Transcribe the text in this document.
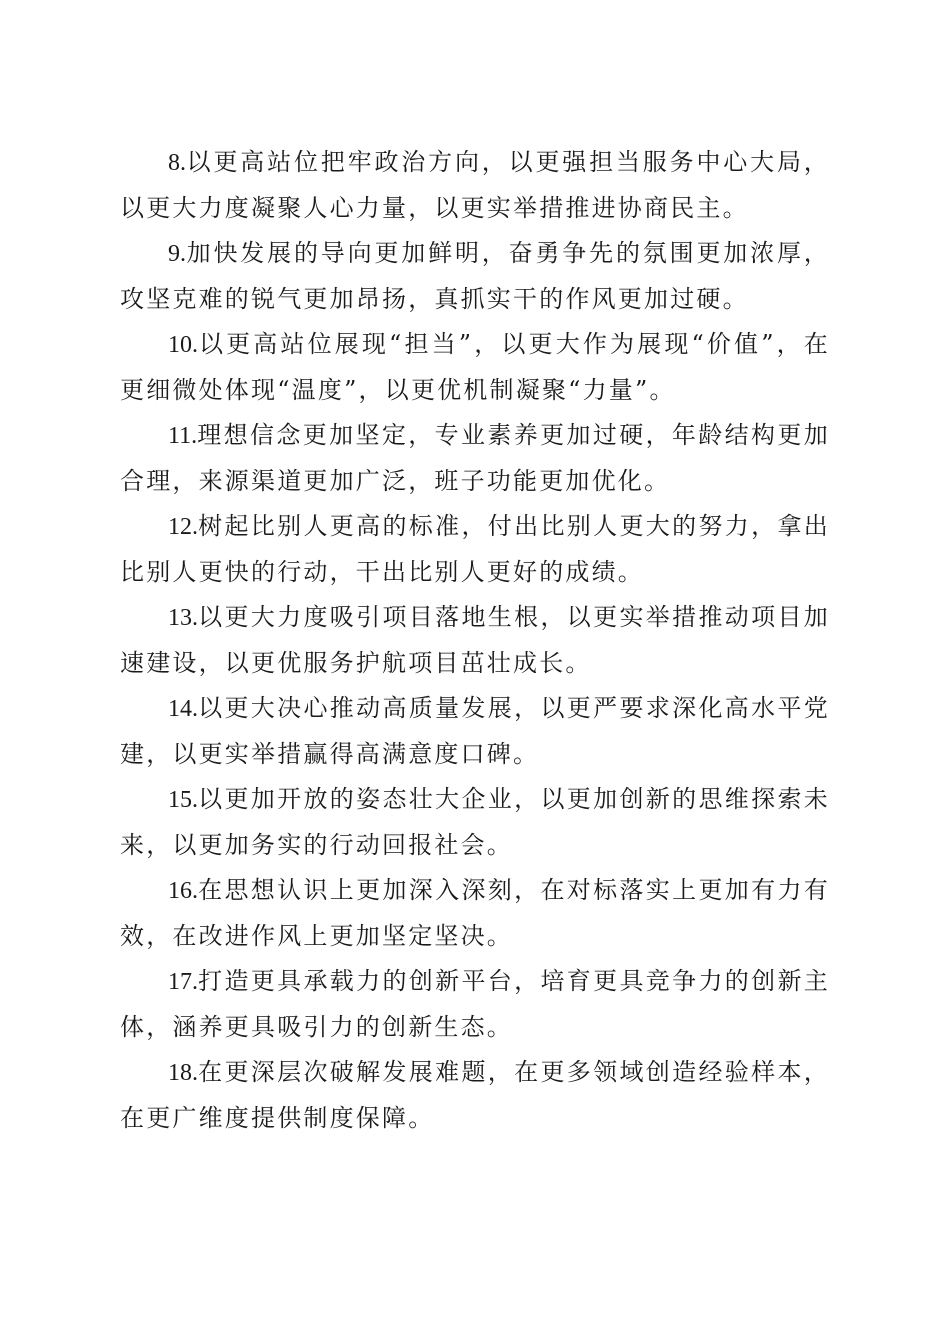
8.以更高站位把牢政治方向，以更强担当服务中心大局，以更大力度凝聚人心力量，以更实举措推进协商民主。

9.加快发展的导向更加鲜明，奋勇争先的氛围更加浓厚，攻坚克难的锐气更加昂扬，真抓实干的作风更加过硬。

10.以更高站位展现“担当”，以更大作为展现“价值”，在更细微处体现“温度”，以更优机制凝聚“力量”。

11.理想信念更加坚定，专业素养更加过硬，年龄结构更加合理，来源渠道更加广泛，班子功能更加优化。

12.树起比别人更高的标准，付出比别人更大的努力，拿出比别人更快的行动，干出比别人更好的成绩。

13.以更大力度吸引项目落地生根，以更实举措推动项目加速建设，以更优服务护航项目茁壮成长。

14.以更大决心推动高质量发展，以更严要求深化高水平党建，以更实举措赢得高满意度口碑。

15.以更加开放的姿态壮大企业，以更加创新的思维探索未来，以更加务实的行动回报社会。

16.在思想认识上更加深入深刻，在对标落实上更加有力有效，在改进作风上更加坚定坚决。

17.打造更具承载力的创新平台，培育更具竞争力的创新主体，涵养更具吸引力的创新生态。

18.在更深层次破解发展难题，在更多领域创造经验样本，在更广维度提供制度保障。
